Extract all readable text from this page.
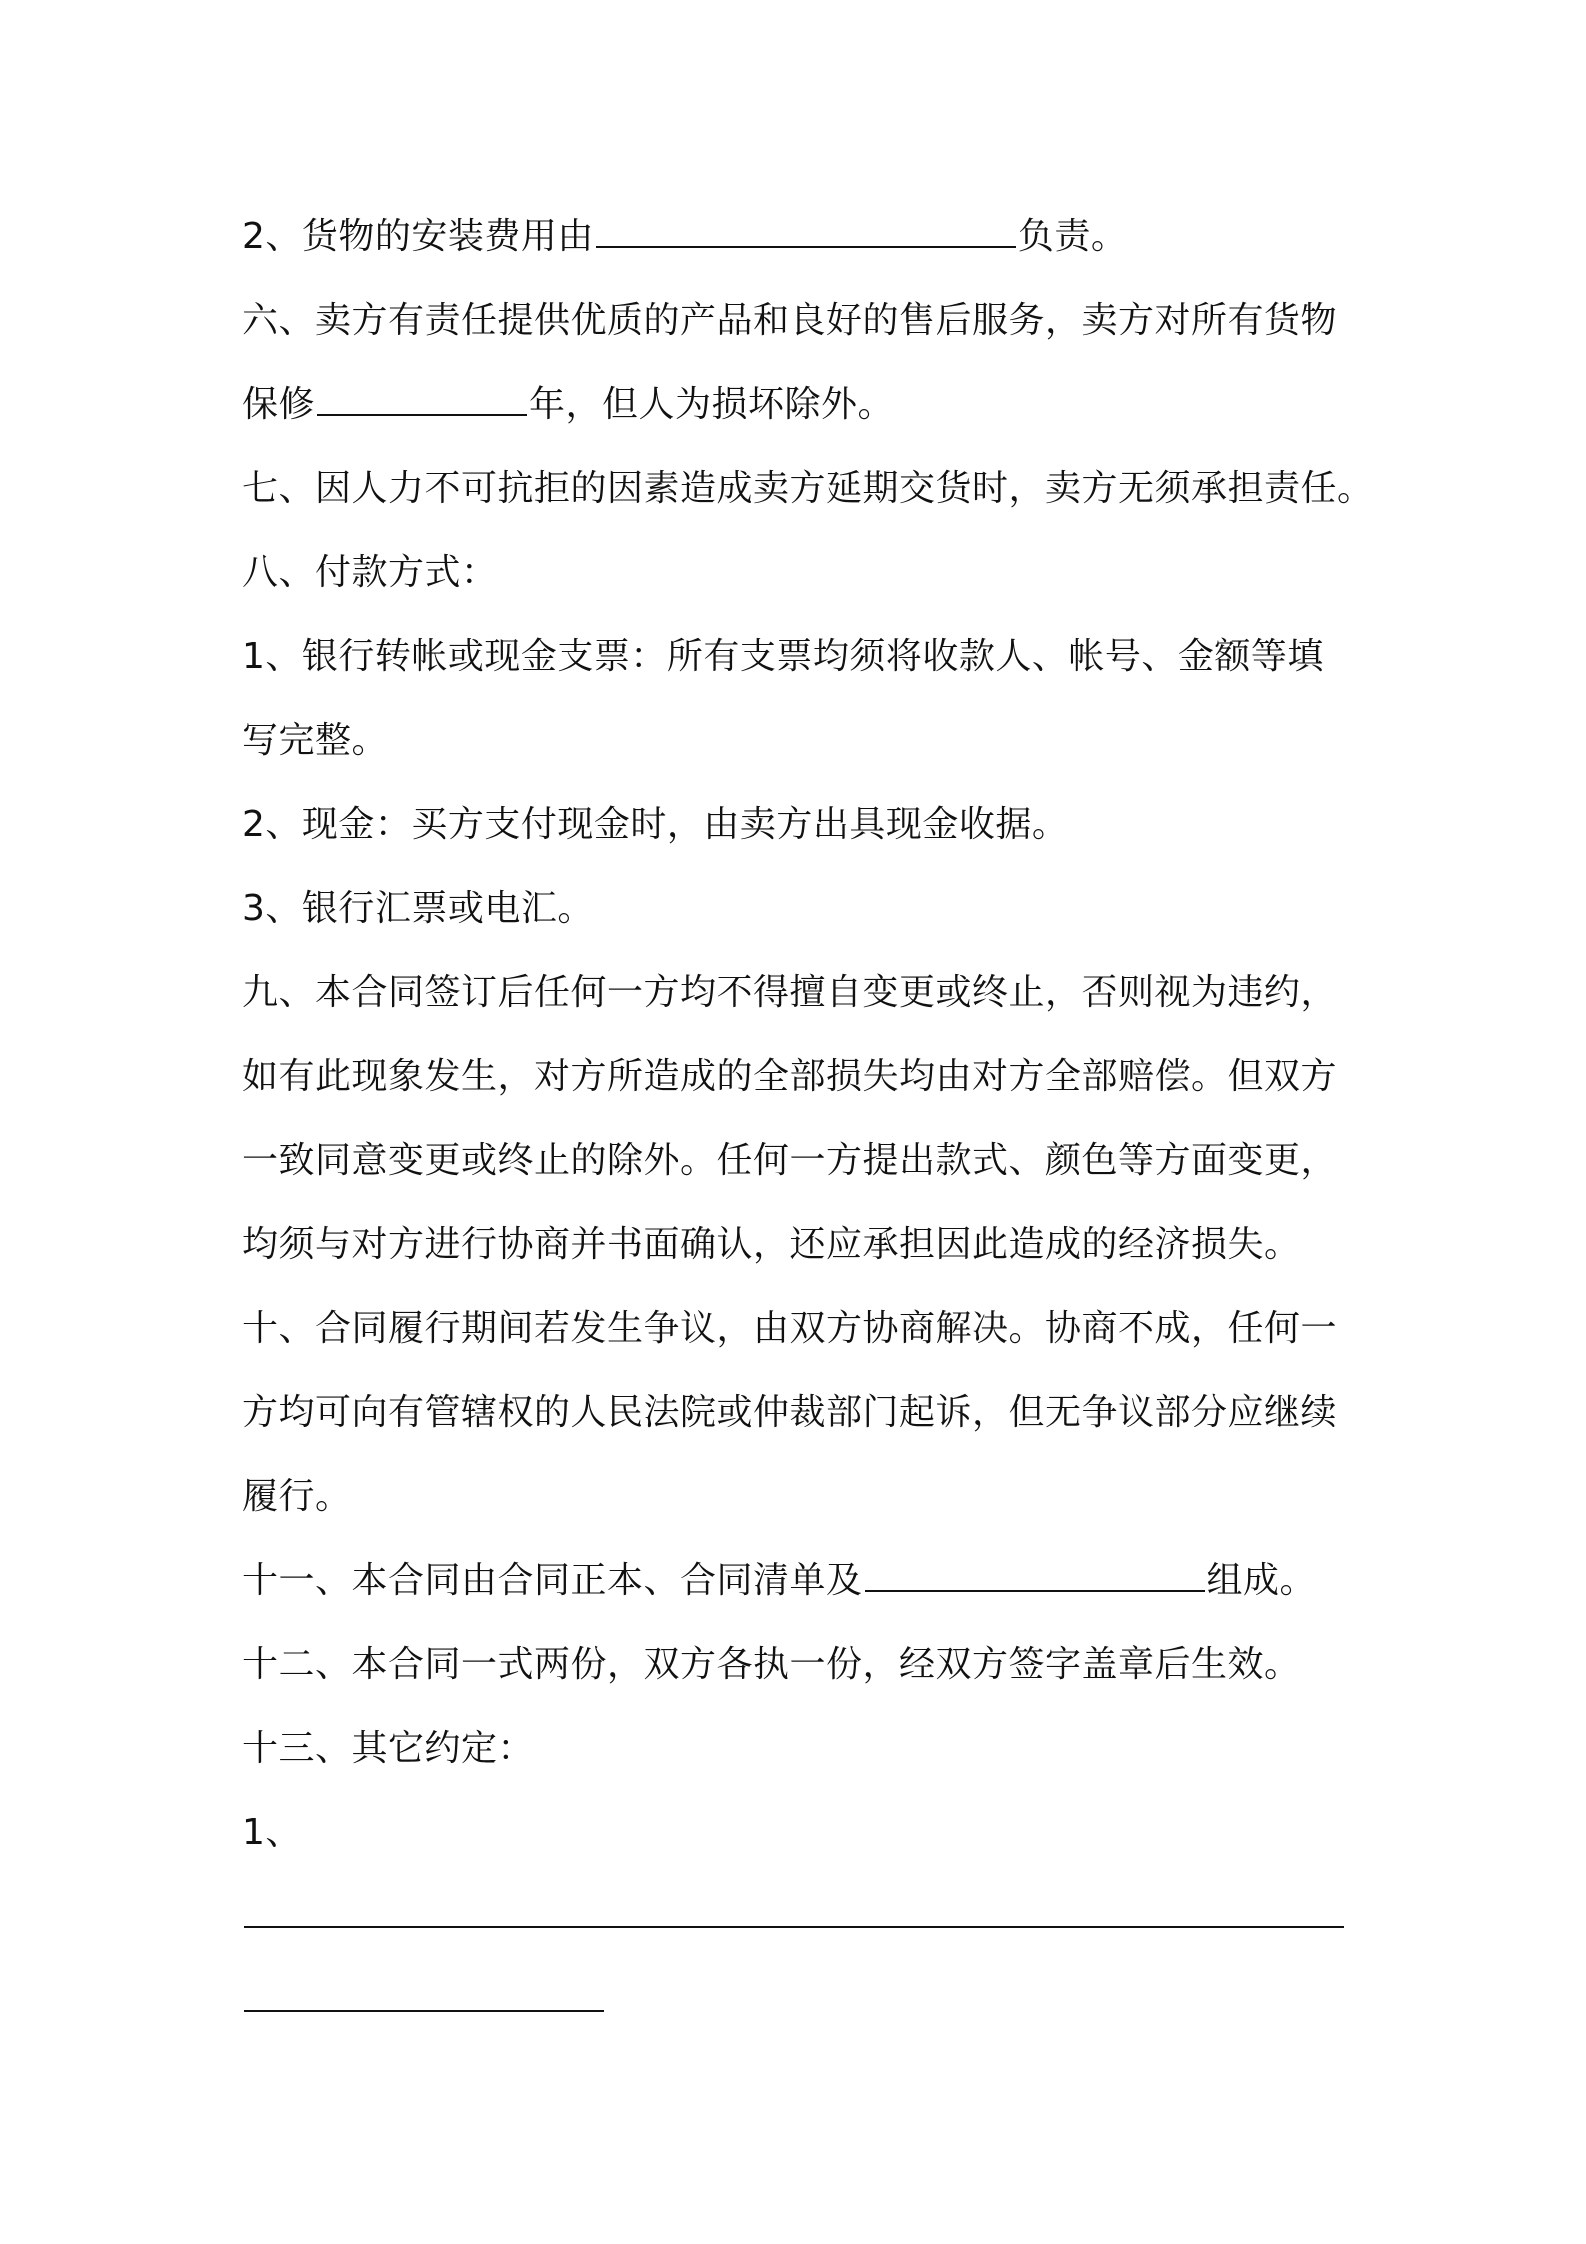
2、货物的安装费用由	负责。
六、卖方有责任提供优质的产品和良好的售后服务，卖方对所有货物
保修	年，但人为损坏除外。
七、因人力不可抗拒的因素造成卖方延期交货时，卖方无须承担责任。
八、付款方式：
1、银行转帐或现金支票：所有支票均须将收款人、帐号、金额等填
写完整。
2、现金：买方支付现金时，由卖方出具现金收据。
3、银行汇票或电汇。
九、本合同签订后任何一方均不得擅自变更或终止，否则视为违约，
如有此现象发生，对方所造成的全部损失均由对方全部赔偿。但双方
一致同意变更或终止的除外。任何一方提出款式、颜色等方面变更，
均须与对方进行协商并书面确认，还应承担因此造成的经济损失。
十、合同履行期间若发生争议，由双方协商解决。协商不成，任何一
方均可向有管辖权的人民法院或仲裁部门起诉，但无争议部分应继续
履行。
十一、本合同由合同正本、合同清单及	组成。
十二、本合同一式两份，双方各执一份，经双方签字盖章后生效。
十三、其它约定：
1、
